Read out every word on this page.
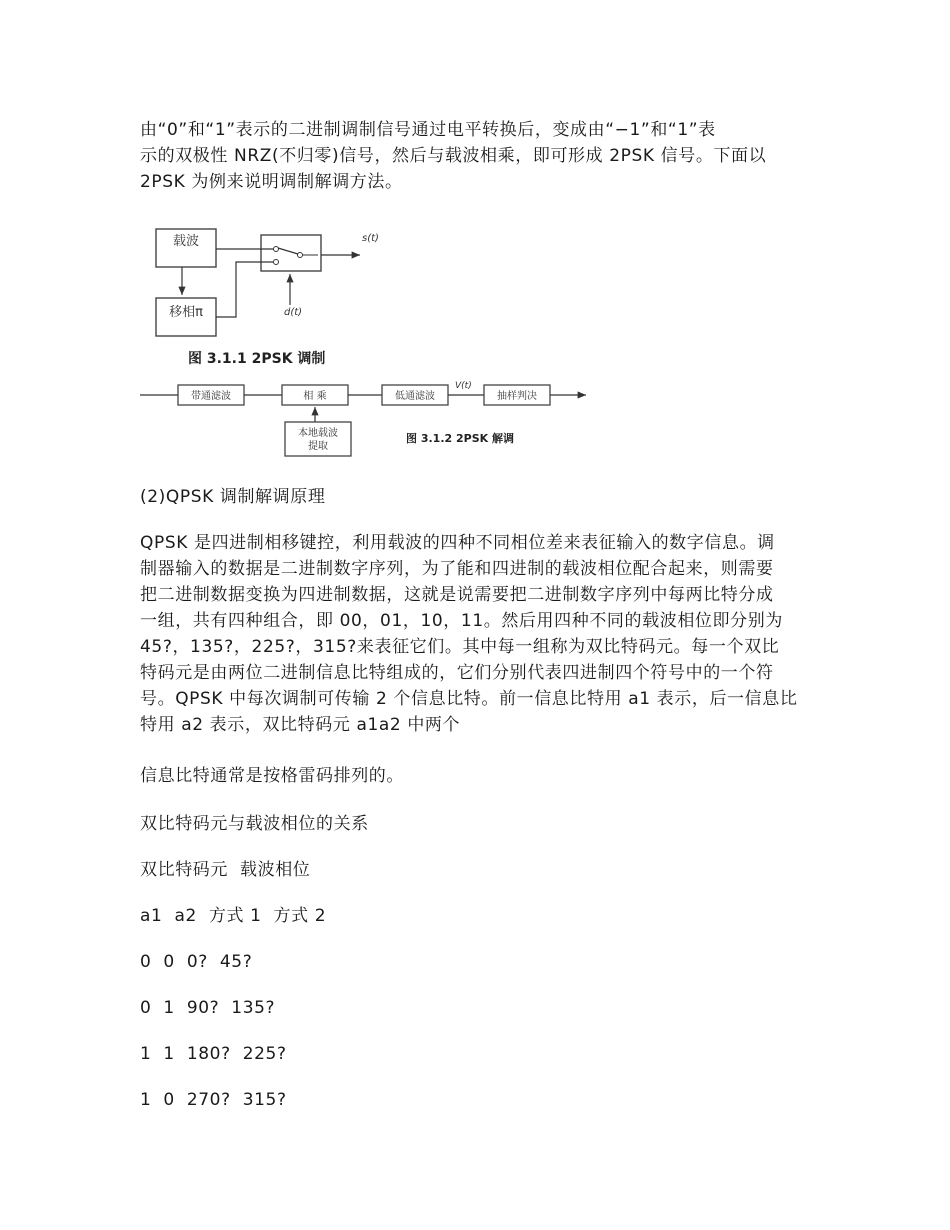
由“0”和“1”表示的二进制调制信号通过电平转换后，变成由“−1”和“1”表

示的双极性 NRZ(不归零)信号，然后与载波相乘，即可形成 2PSK 信号。下面以

2PSK 为例来说明调制解调方法。

载波
移相π
s(t)
d(t)
图 3.1.1 2PSK 调制
带通滤波	相 乘	低通滤波
V(t)
抽样判决
本地载波
提取
图 3.1.2 2PSK 解调

(2)QPSK 调制解调原理

QPSK 是四进制相移键控，利用载波的四种不同相位差来表征输入的数字信息。调

制器输入的数据是二进制数字序列，为了能和四进制的载波相位配合起来，则需要

把二进制数据变换为四进制数据，这就是说需要把二进制数字序列中每两比特分成

一组，共有四种组合，即 00，01，10，11。然后用四种不同的载波相位即分别为

45?，135?，225?，315?来表征它们。其中每一组称为双比特码元。每一个双比

特码元是由两位二进制信息比特组成的，它们分别代表四进制四个符号中的一个符

号。QPSK 中每次调制可传输 2 个信息比特。前一信息比特用 a1 表示，后一信息比

特用 a2 表示，双比特码元 a1a2 中两个

信息比特通常是按格雷码排列的。

双比特码元与载波相位的关系

双比特码元  载波相位

a1  a2  方式 1  方式 2

0  0  0?  45?

0  1  90?  135?

1  1  180?  225?

1  0  270?  315?
